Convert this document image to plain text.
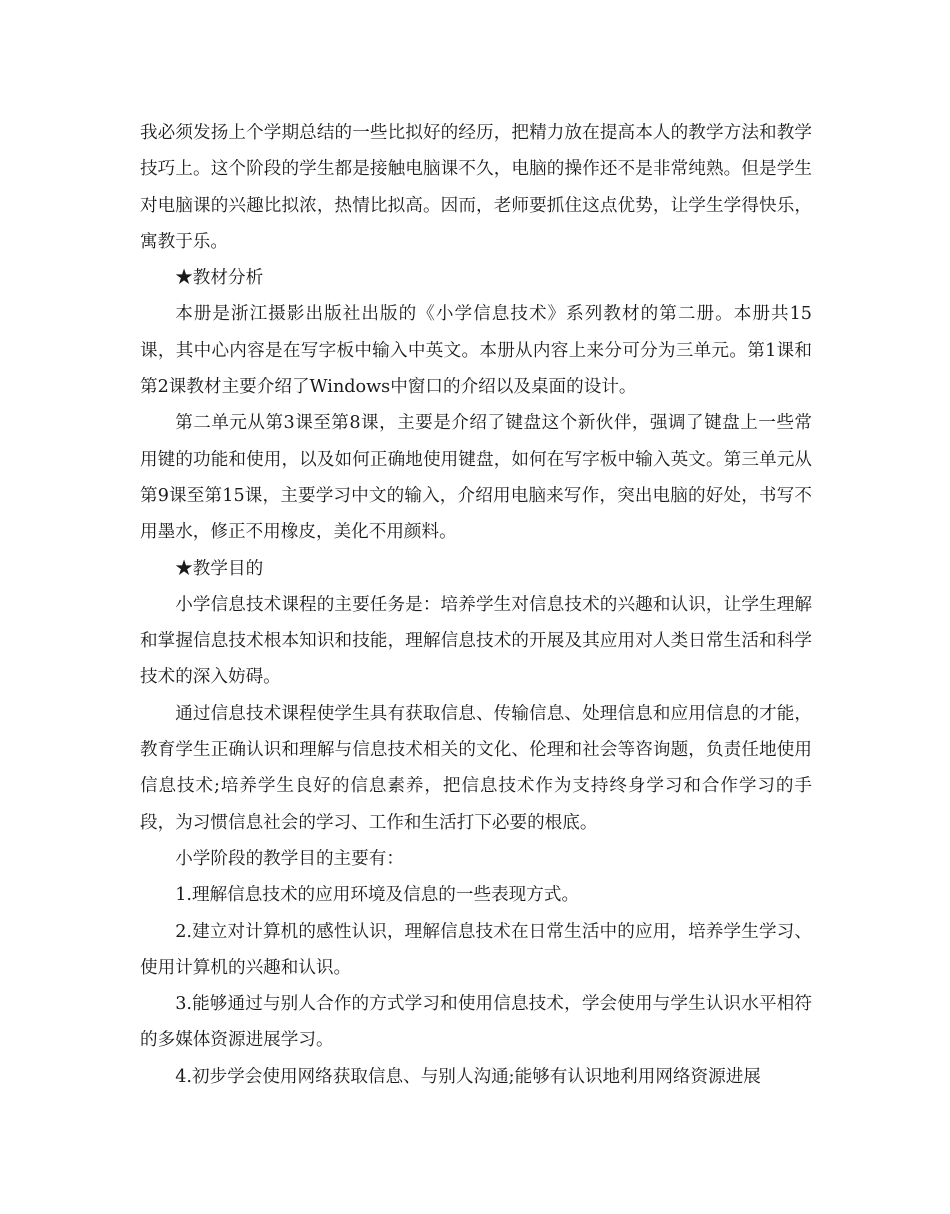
我必须发扬上个学期总结的一些比拟好的经历，把精力放在提高本人的教学方法和教学技巧上。这个阶段的学生都是接触电脑课不久，电脑的操作还不是非常纯熟。但是学生对电脑课的兴趣比拟浓，热情比拟高。因而，老师要抓住这点优势，让学生学得快乐，寓教于乐。

★教材分析

本册是浙江摄影出版社出版的《小学信息技术》系列教材的第二册。本册共15课，其中心内容是在写字板中输入中英文。本册从内容上来分可分为三单元。第1课和第2课教材主要介绍了Windows中窗口的介绍以及桌面的设计。

第二单元从第3课至第8课，主要是介绍了键盘这个新伙伴，强调了键盘上一些常用键的功能和使用，以及如何正确地使用键盘，如何在写字板中输入英文。第三单元从第9课至第15课，主要学习中文的输入，介绍用电脑来写作，突出电脑的好处，书写不用墨水，修正不用橡皮，美化不用颜料。

★教学目的

小学信息技术课程的主要任务是：培养学生对信息技术的兴趣和认识，让学生理解和掌握信息技术根本知识和技能，理解信息技术的开展及其应用对人类日常生活和科学技术的深入妨碍。

通过信息技术课程使学生具有获取信息、传输信息、处理信息和应用信息的才能，教育学生正确认识和理解与信息技术相关的文化、伦理和社会等咨询题，负责任地使用信息技术;培养学生良好的信息素养，把信息技术作为支持终身学习和合作学习的手段，为习惯信息社会的学习、工作和生活打下必要的根底。

小学阶段的教学目的主要有：

1.理解信息技术的应用环境及信息的一些表现方式。

2.建立对计算机的感性认识，理解信息技术在日常生活中的应用，培养学生学习、使用计算机的兴趣和认识。

3.能够通过与别人合作的方式学习和使用信息技术，学会使用与学生认识水平相符的多媒体资源进展学习。

4.初步学会使用网络获取信息、与别人沟通;能够有认识地利用网络资源进展
